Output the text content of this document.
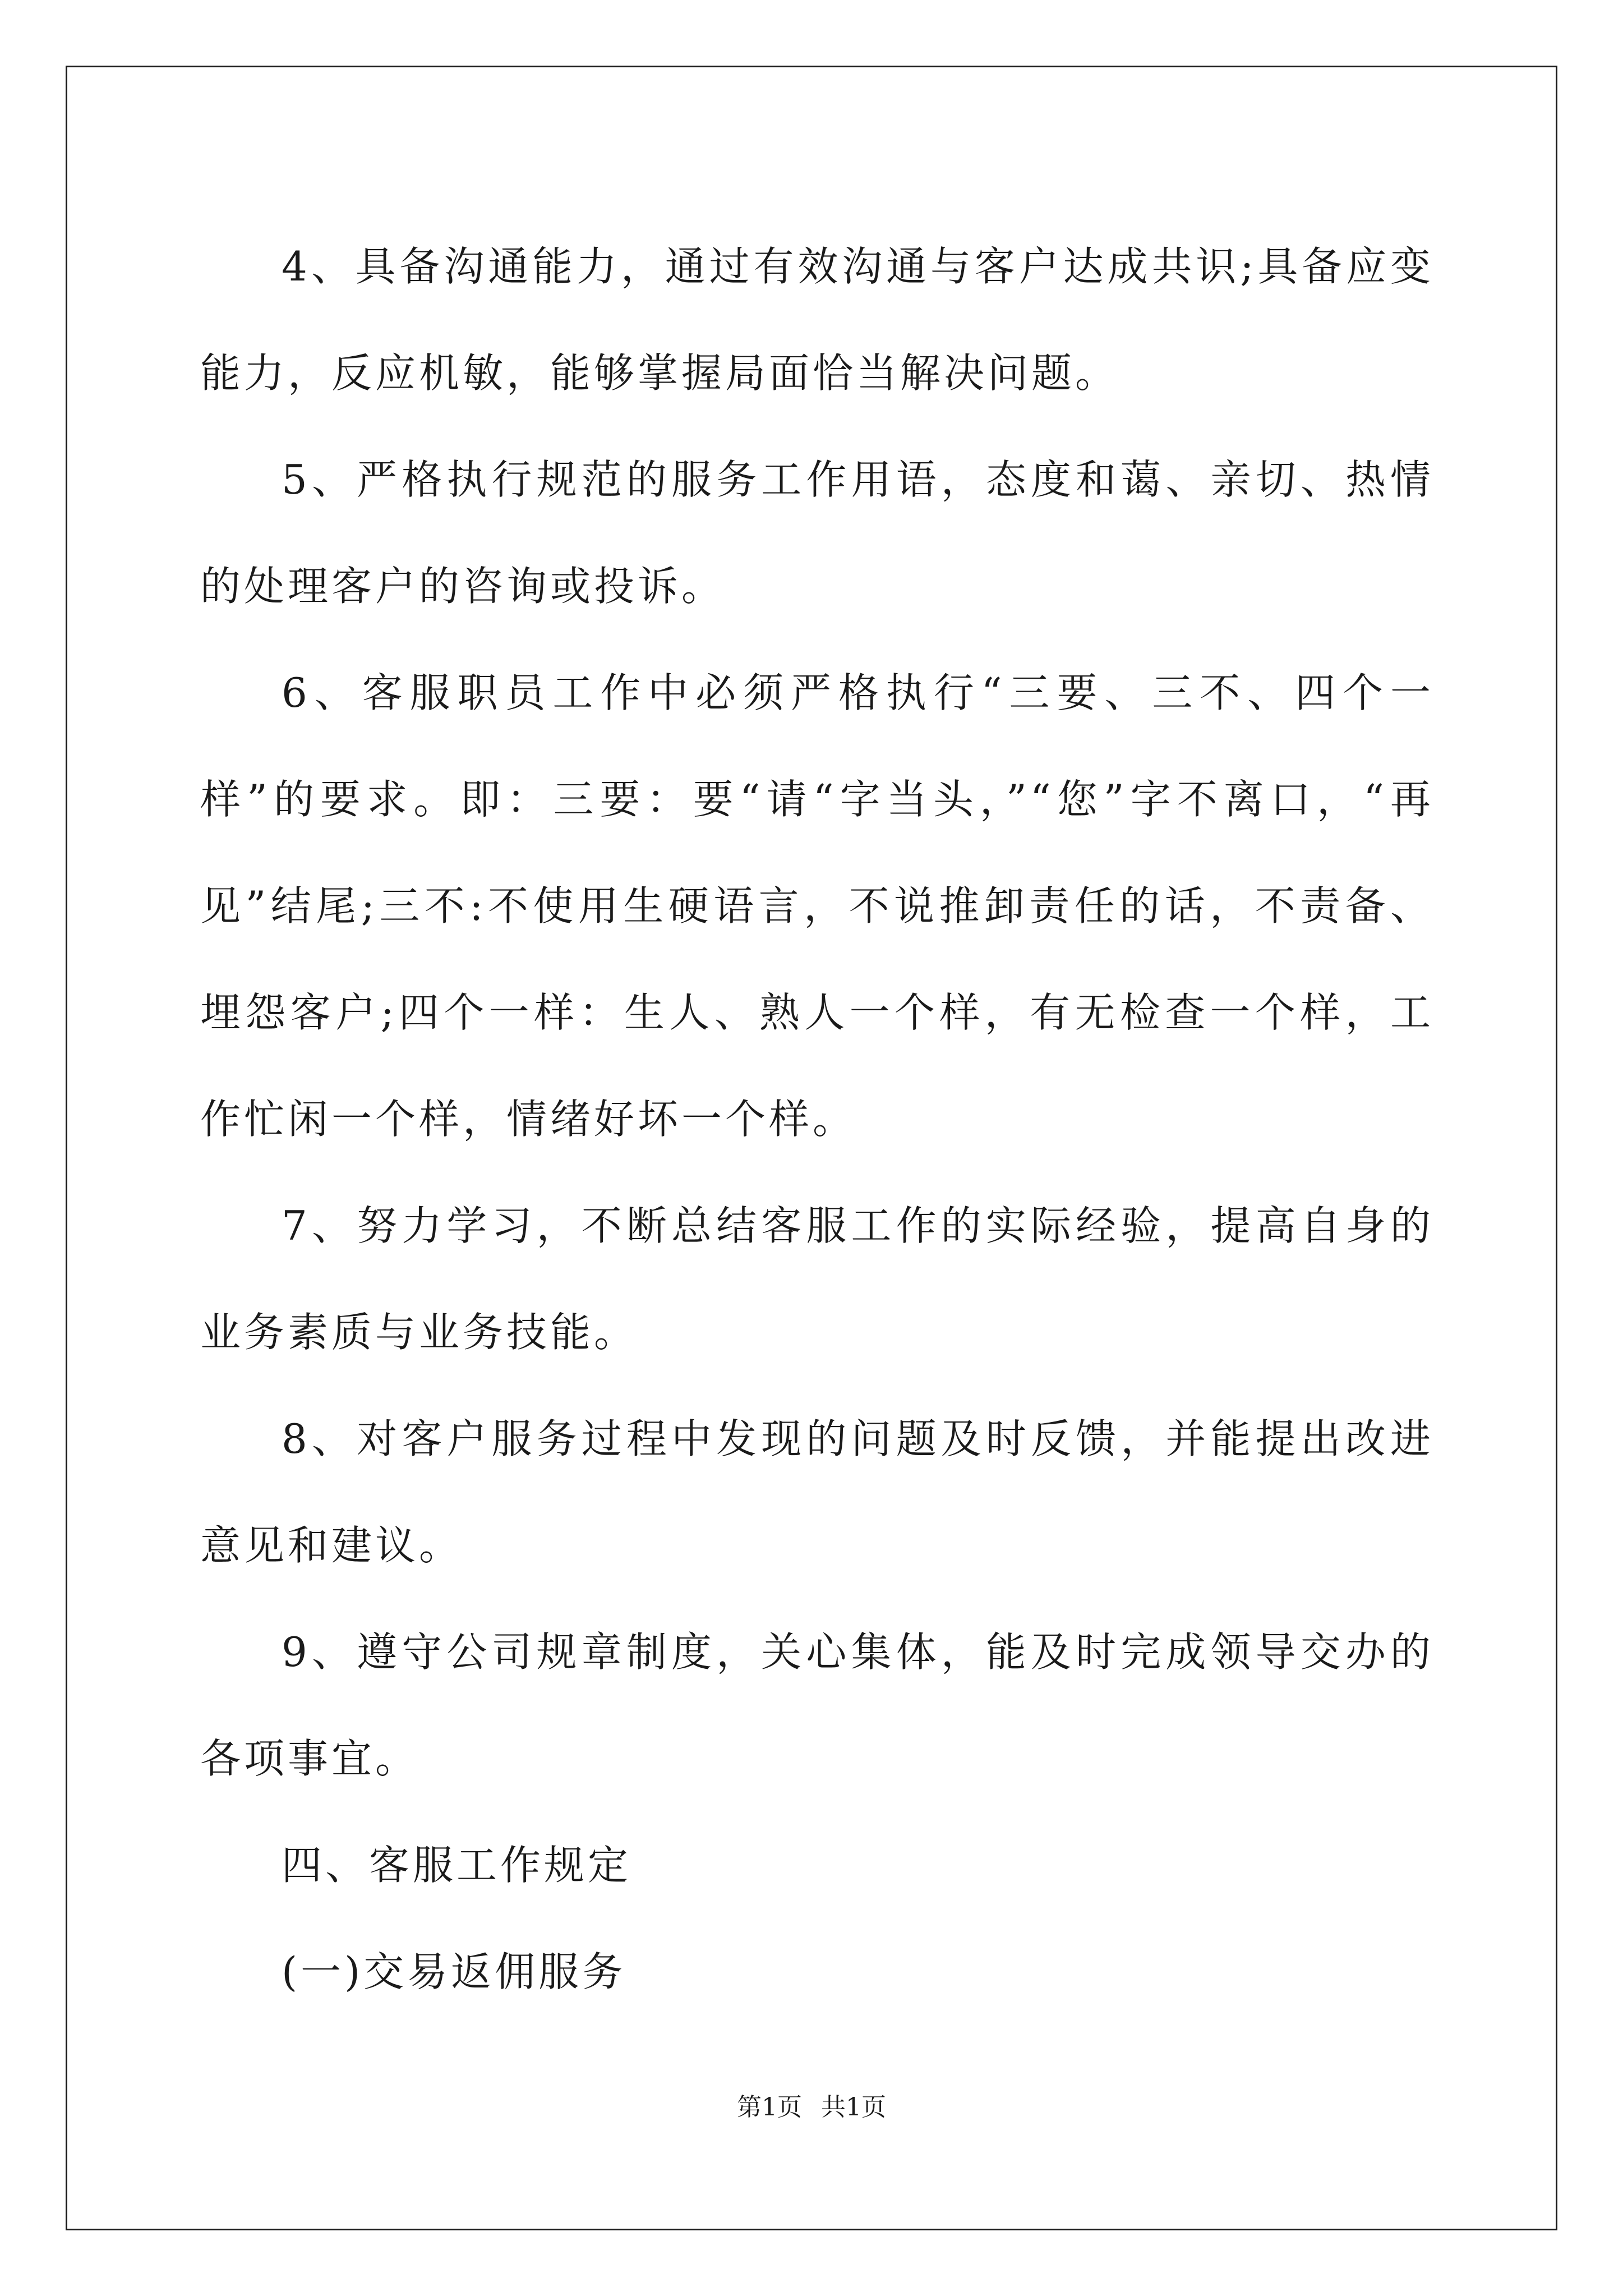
4、具备沟通能力，通过有效沟通与客户达成共识;具备应变能力，反应机敏，能够掌握局面恰当解决问题。

5、严格执行规范的服务工作用语，态度和蔼、亲切、热情的处理客户的咨询或投诉。

6、客服职员工作中必须严格执行“三要、三不、四个一样”的要求。即：三要：要“请“字当头，”“您”字不离口，“再见”结尾;三不:不使用生硬语言，不说推卸责任的话，不责备、埋怨客户;四个一样：生人、熟人一个样，有无检查一个样，工作忙闲一个样，情绪好坏一个样。

7、努力学习，不断总结客服工作的实际经验，提高自身的业务素质与业务技能。

8、对客户服务过程中发现的问题及时反馈，并能提出改进意见和建议。

9、遵守公司规章制度，关心集体，能及时完成领导交办的各项事宜。

四、客服工作规定

(一)交易返佣服务

第1页 共1页
